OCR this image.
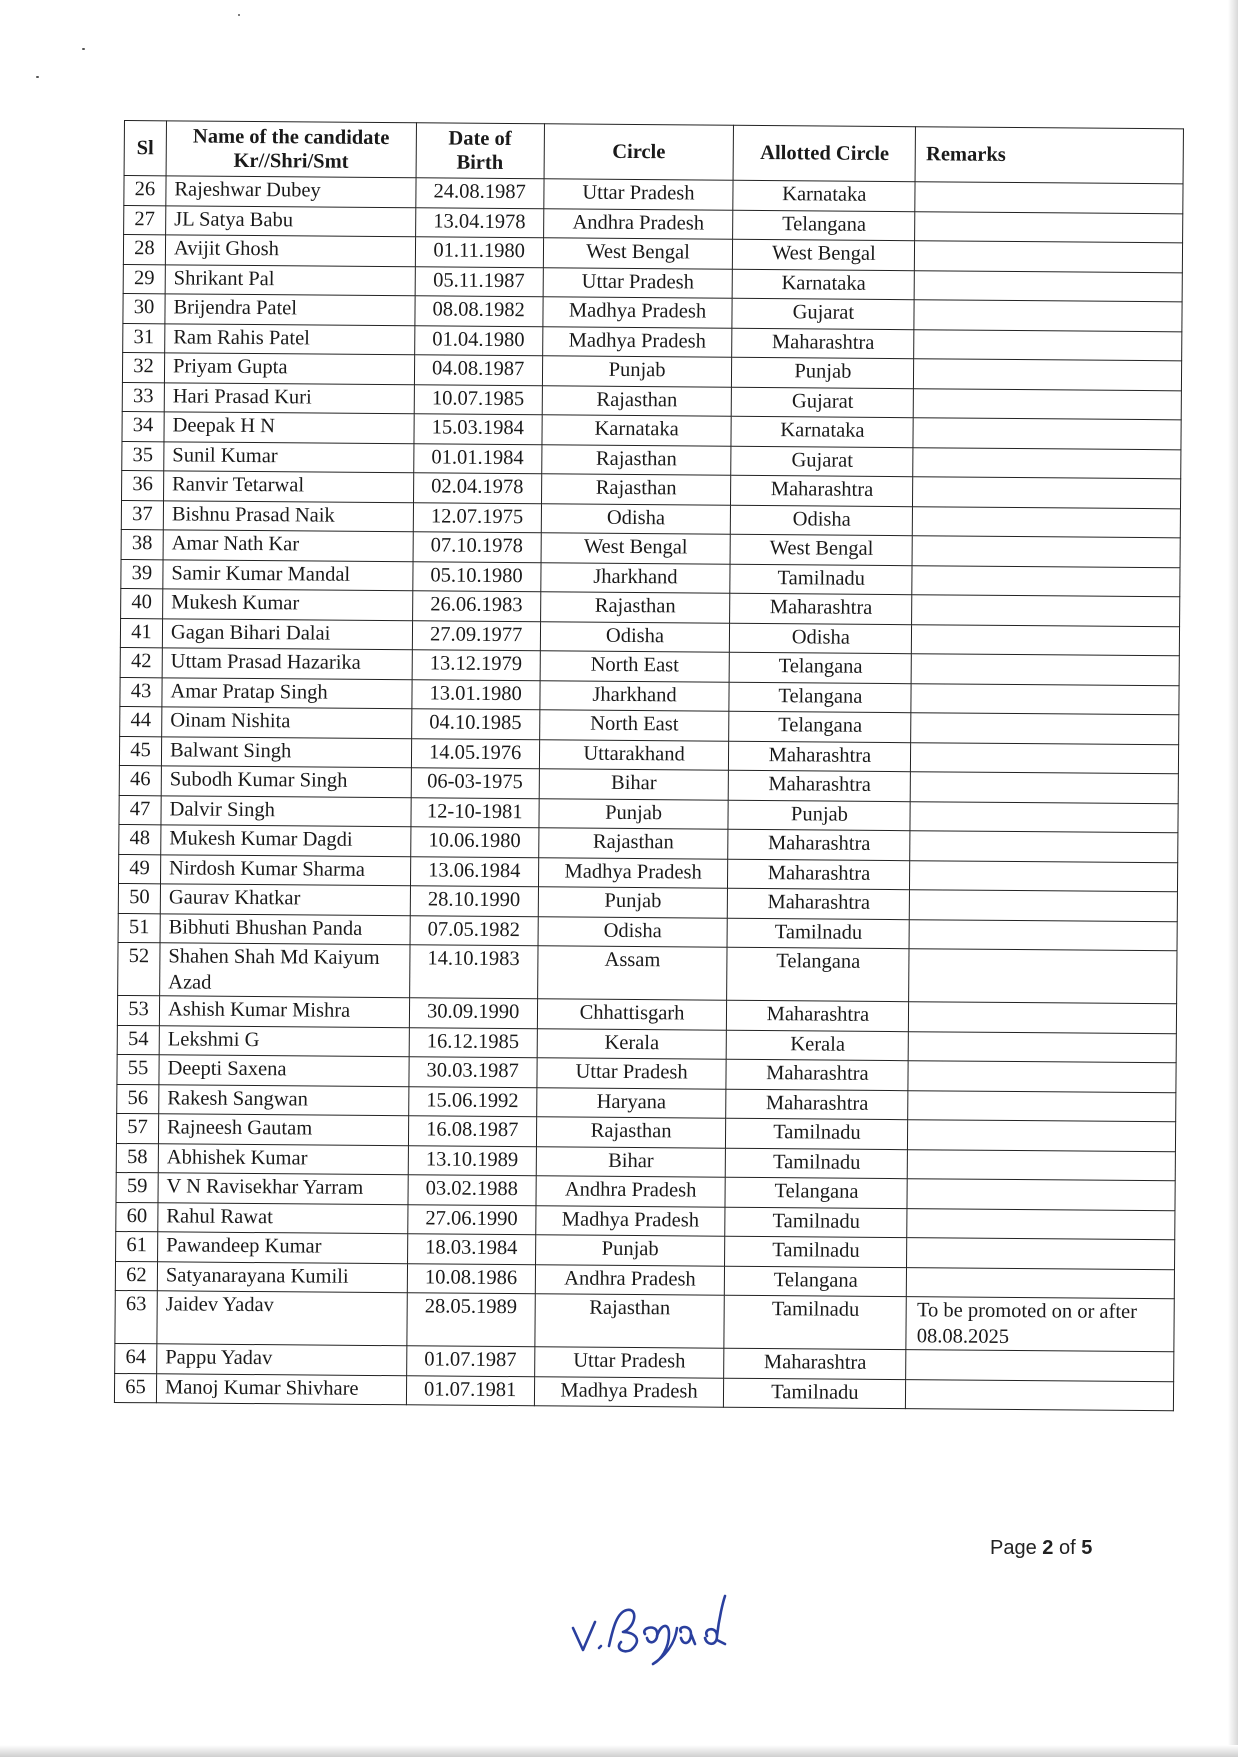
Sl	Name of the candidate Kr//Shri/Smt	Date of Birth	Circle	Allotted Circle	Remarks
26	Rajeshwar Dubey	24.08.1987	Uttar Pradesh	Karnataka	
27	JL Satya Babu	13.04.1978	Andhra Pradesh	Telangana	
28	Avijit Ghosh	01.11.1980	West Bengal	West Bengal	
29	Shrikant Pal	05.11.1987	Uttar Pradesh	Karnataka	
30	Brijendra Patel	08.08.1982	Madhya Pradesh	Gujarat	
31	Ram Rahis Patel	01.04.1980	Madhya Pradesh	Maharashtra	
32	Priyam Gupta	04.08.1987	Punjab	Punjab	
33	Hari Prasad Kuri	10.07.1985	Rajasthan	Gujarat	
34	Deepak H N	15.03.1984	Karnataka	Karnataka	
35	Sunil Kumar	01.01.1984	Rajasthan	Gujarat	
36	Ranvir Tetarwal	02.04.1978	Rajasthan	Maharashtra	
37	Bishnu Prasad Naik	12.07.1975	Odisha	Odisha	
38	Amar Nath Kar	07.10.1978	West Bengal	West Bengal	
39	Samir Kumar Mandal	05.10.1980	Jharkhand	Tamilnadu	
40	Mukesh Kumar	26.06.1983	Rajasthan	Maharashtra	
41	Gagan Bihari Dalai	27.09.1977	Odisha	Odisha	
42	Uttam Prasad Hazarika	13.12.1979	North East	Telangana	
43	Amar Pratap Singh	13.01.1980	Jharkhand	Telangana	
44	Oinam Nishita	04.10.1985	North East	Telangana	
45	Balwant Singh	14.05.1976	Uttarakhand	Maharashtra	
46	Subodh Kumar Singh	06-03-1975	Bihar	Maharashtra	
47	Dalvir Singh	12-10-1981	Punjab	Punjab	
48	Mukesh Kumar Dagdi	10.06.1980	Rajasthan	Maharashtra	
49	Nirdosh Kumar Sharma	13.06.1984	Madhya Pradesh	Maharashtra	
50	Gaurav Khatkar	28.10.1990	Punjab	Maharashtra	
51	Bibhuti Bhushan Panda	07.05.1982	Odisha	Tamilnadu	
52	Shahen Shah Md Kaiyum Azad	14.10.1983	Assam	Telangana	
53	Ashish Kumar Mishra	30.09.1990	Chhattisgarh	Maharashtra	
54	Lekshmi G	16.12.1985	Kerala	Kerala	
55	Deepti Saxena	30.03.1987	Uttar Pradesh	Maharashtra	
56	Rakesh Sangwan	15.06.1992	Haryana	Maharashtra	
57	Rajneesh Gautam	16.08.1987	Rajasthan	Tamilnadu	
58	Abhishek Kumar	13.10.1989	Bihar	Tamilnadu	
59	V N Ravisekhar Yarram	03.02.1988	Andhra Pradesh	Telangana	
60	Rahul Rawat	27.06.1990	Madhya Pradesh	Tamilnadu	
61	Pawandeep Kumar	18.03.1984	Punjab	Tamilnadu	
62	Satyanarayana Kumili	10.08.1986	Andhra Pradesh	Telangana	
63	Jaidev Yadav	28.05.1989	Rajasthan	Tamilnadu	To be promoted on or after 08.08.2025
64	Pappu Yadav	01.07.1987	Uttar Pradesh	Maharashtra	
65	Manoj Kumar Shivhare	01.07.1981	Madhya Pradesh	Tamilnadu	
Page 2 of 5
